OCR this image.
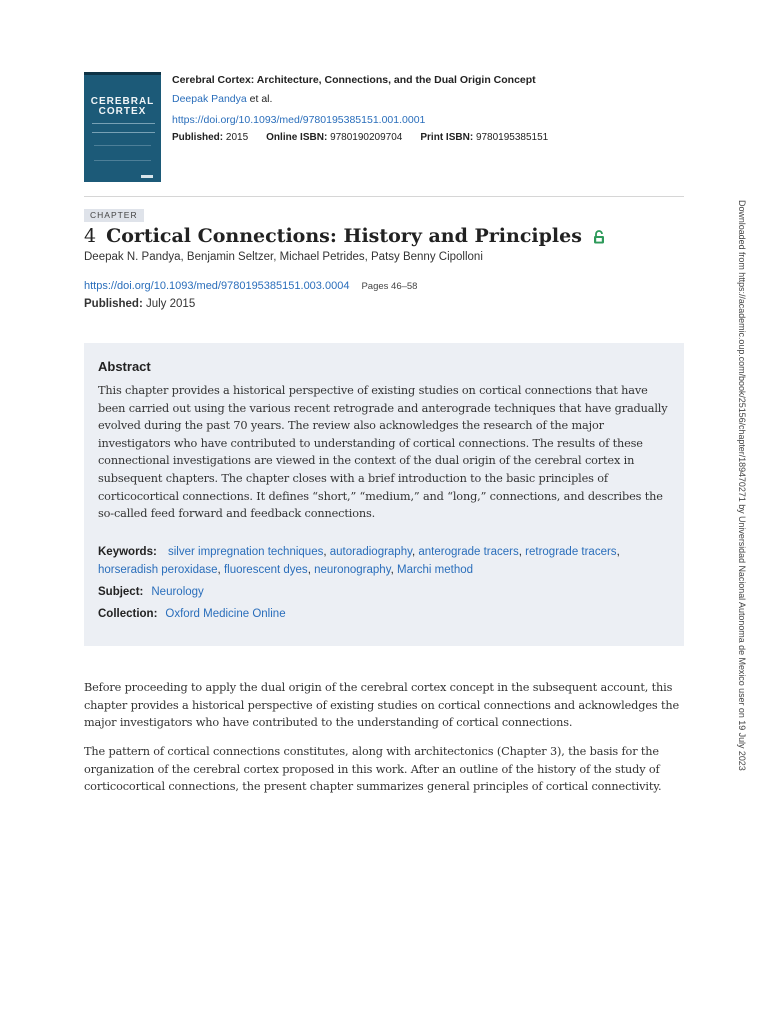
CEREBRAL
CORTEX
Cerebral Cortex: Architecture, Connections, and the Dual Origin Concept
Deepak Pandya et al.
https://doi.org/10.1093/med/9780195385151.001.0001
Published: 2015 Online ISBN: 9780190209704 Print ISBN: 9780195385151
CHAPTER
4 Cortical Connections: History and Principles
Deepak N. Pandya, Benjamin Seltzer, Michael Petrides, Patsy Benny Cipolloni
https://doi.org/10.1093/med/9780195385151.003.0004 Pages 46–58
Published: July 2015
Abstract
This chapter provides a historical perspective of existing studies on cortical connections that have been carried out using the various recent retrograde and anterograde techniques that have gradually evolved during the past 70 years. The review also acknowledges the research of the major investigators who have contributed to understanding of cortical connections. The results of these connectional investigations are viewed in the context of the dual origin of the cerebral cortex in subsequent chapters. The chapter closes with a brief introduction to the basic principles of corticocortical connections. It defines “short,” “medium,” and “long,” connections, and describes the so-called feed forward and feedback connections.
Keywords: silver impregnation techniques, autoradiography, anterograde tracers, retrograde tracers, horseradish peroxidase, fluorescent dyes, neuronography, Marchi method
Subject: Neurology
Collection: Oxford Medicine Online

Before proceeding to apply the dual origin of the cerebral cortex concept in the subsequent account, this chapter provides a historical perspective of existing studies on cortical connections and acknowledges the major investigators who have contributed to the understanding of cortical connections.

The pattern of cortical connections constitutes, along with architectonics (Chapter 3), the basis for the organization of the cerebral cortex proposed in this work. After an outline of the history of the study of corticocortical connections, the present chapter summarizes general principles of cortical connectivity.

Downloaded from https://academic.oup.com/book/25156/chapter/189470271 by Universidad Nacional Autonoma de Mexico user on 19 July 2023
